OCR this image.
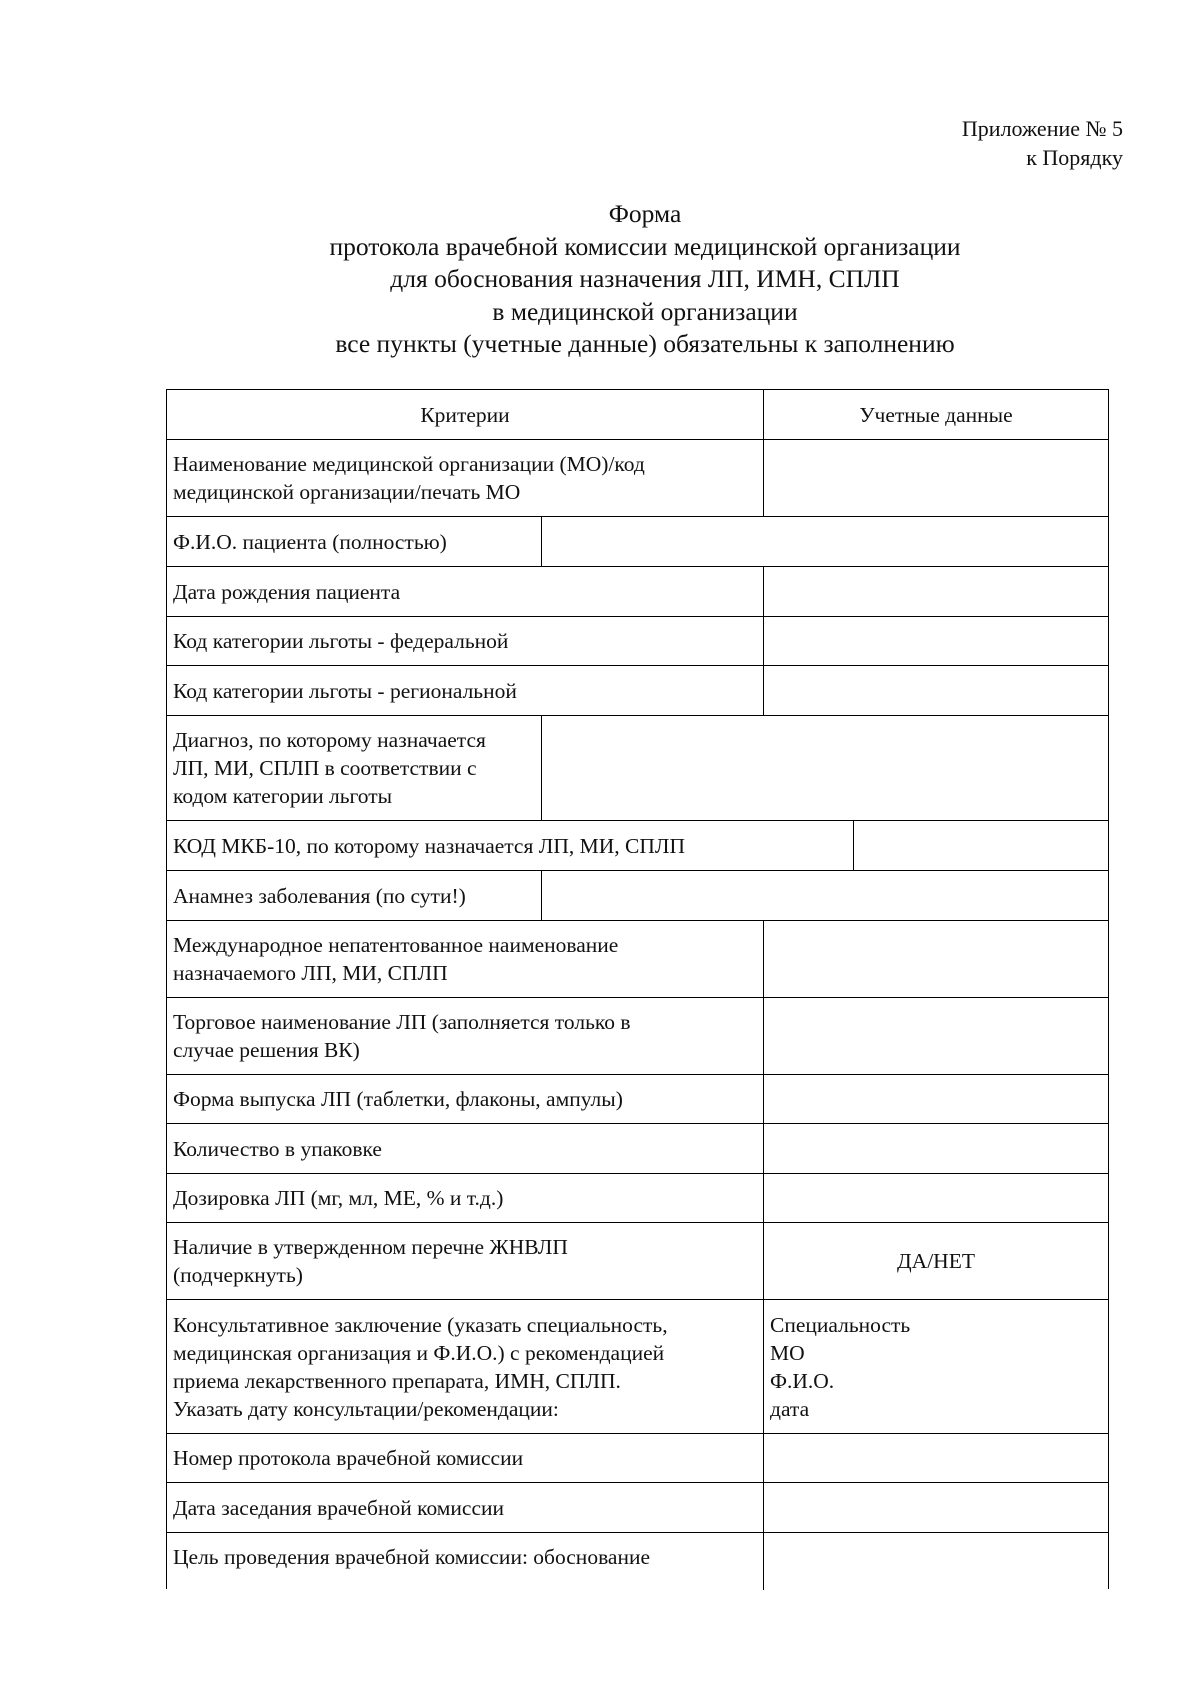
Приложение № 5
к Порядку
Форма
протокола врачебной комиссии медицинской организации
для обоснования назначения ЛП, ИМН, СПЛП
в медицинской организации
все пункты (учетные данные) обязательны к заполнению
Критерии	Учетные данные
Наименование медицинской организации (МО)/код
медицинской организации/печать МО
Ф.И.О. пациента (полностью)
Дата рождения пациента
Код категории льготы - федеральной
Код категории льготы - региональной
Диагноз, по которому назначается
ЛП, МИ, СПЛП в соответствии с
кодом категории льготы
КОД МКБ-10, по которому назначается ЛП, МИ, СПЛП
Анамнез заболевания (по сути!)
Международное непатентованное наименование
назначаемого ЛП, МИ, СПЛП
Торговое наименование ЛП (заполняется только в
случае решения ВК)
Форма выпуска ЛП (таблетки, флаконы, ампулы)
Количество в упаковке
Дозировка ЛП (мг, мл, МЕ, % и т.д.)
Наличие в утвержденном перечне ЖНВЛП
(подчеркнуть)
ДА/НЕТ
Консультативное заключение (указать специальность,
медицинская организация и Ф.И.О.) с рекомендацией
приема лекарственного препарата, ИМН, СПЛП.
Указать дату консультации/рекомендации:
Специальность
МО
Ф.И.О.
дата
Номер протокола врачебной комиссии
Дата заседания врачебной комиссии
Цель проведения врачебной комиссии: обоснование
